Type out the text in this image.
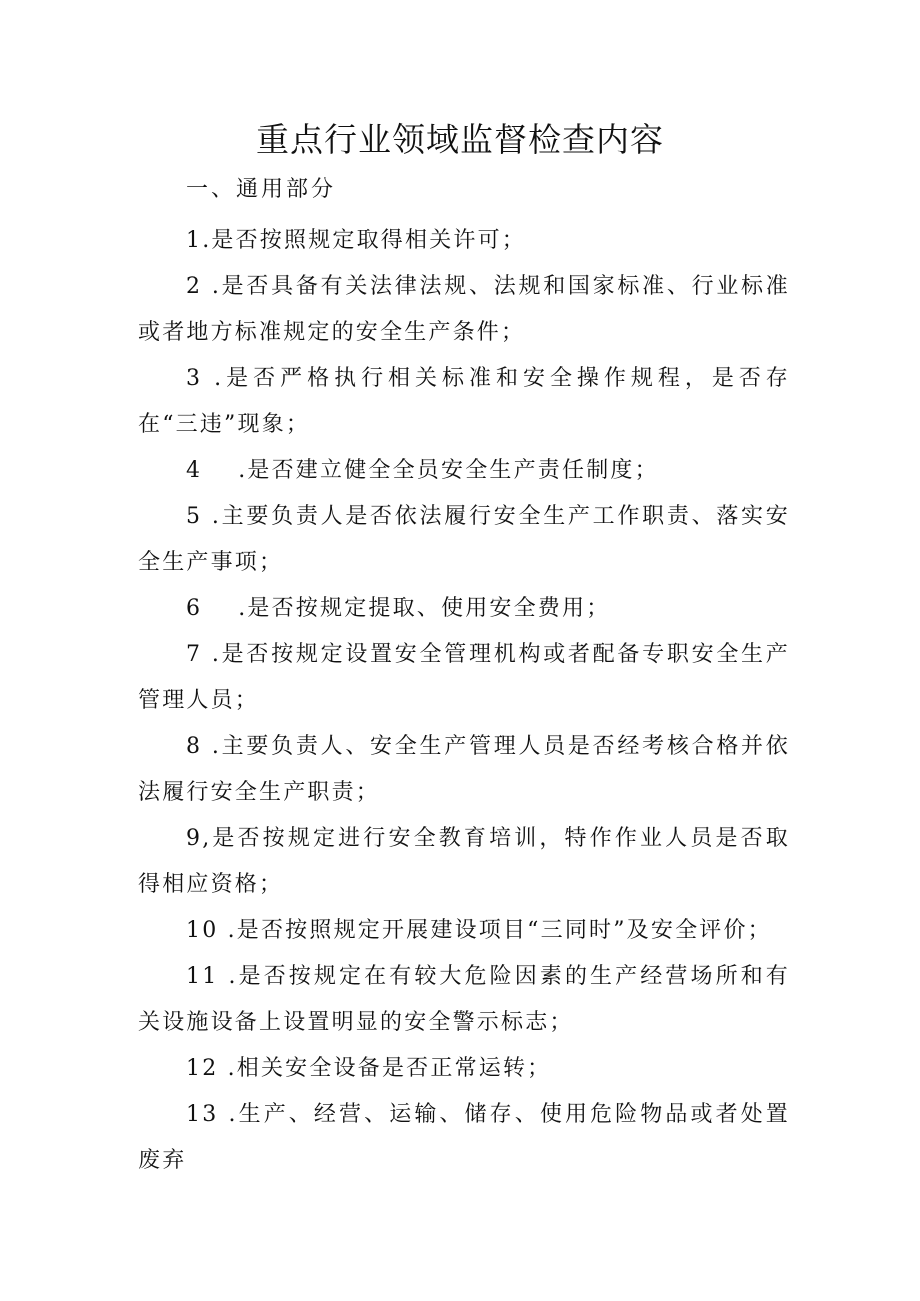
重点行业领域监督检查内容
一、通用部分

1.是否按照规定取得相关许可；

2 .是否具备有关法律法规、法规和国家标准、行业标准或者地方标准规定的安全生产条件；

3 .是否严格执行相关标准和安全操作规程，是否存在“三违”现象；

4 .是否建立健全全员安全生产责任制度；

5 .主要负责人是否依法履行安全生产工作职责、落实安全生产事项；

6 .是否按规定提取、使用安全费用；

7 .是否按规定设置安全管理机构或者配备专职安全生产管理人员；

8 .主要负责人、安全生产管理人员是否经考核合格并依法履行安全生产职责；

9,是否按规定进行安全教育培训，特作作业人员是否取得相应资格；

10 .是否按照规定开展建设项目“三同时”及安全评价；

11 .是否按规定在有较大危险因素的生产经营场所和有关设施设备上设置明显的安全警示标志；

12 .相关安全设备是否正常运转；

13 .生产、经营、运输、储存、使用危险物品或者处置废弃
